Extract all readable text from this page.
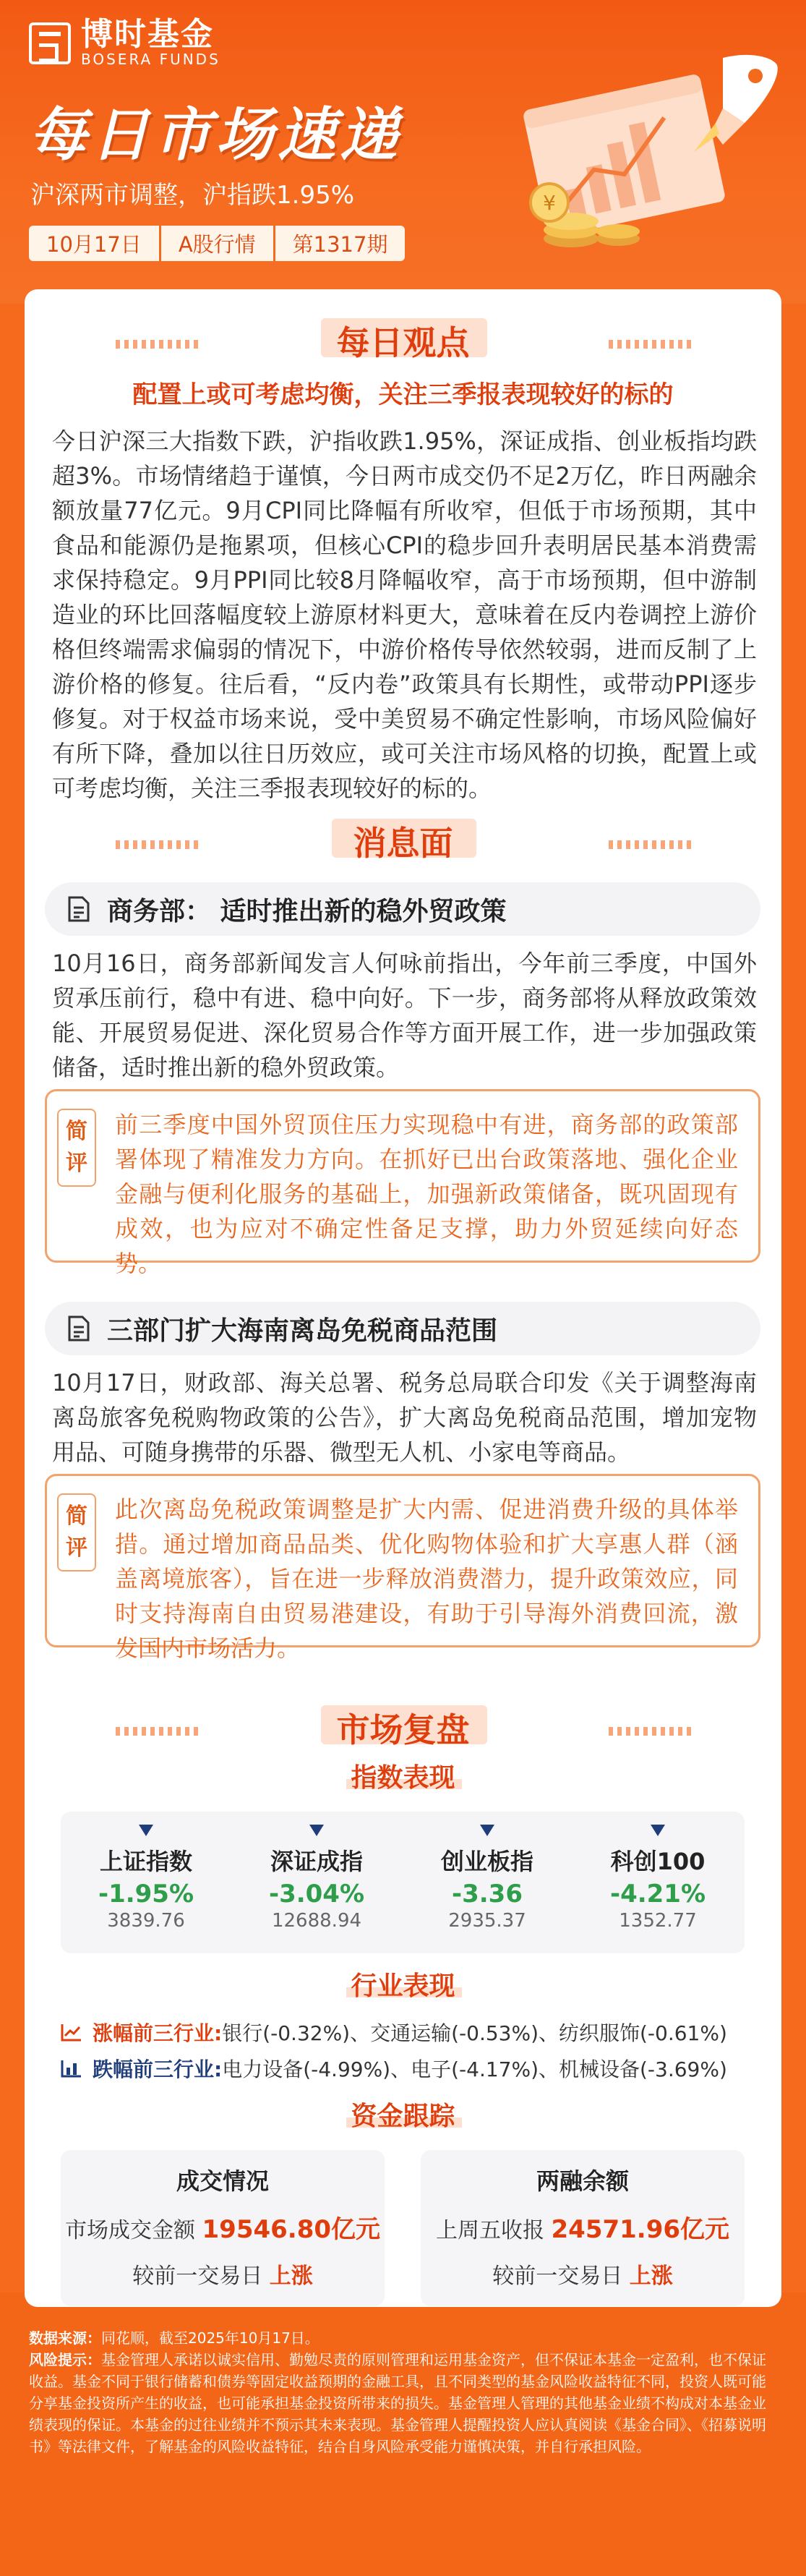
博时基金
BOSERA FUNDS
每日市场速递
沪深两市调整，沪指跌1.95%
10月17日	A股行情	第1317期
¥
每日观点
配置上或可考虑均衡，关注三季报表现较好的标的
今日沪深三大指数下跌，沪指收跌1.95%，深证成指、创业板指均跌超3%。市场情绪趋于谨慎，今日两市成交仍不足2万亿，昨日两融余额放量77亿元。9月CPI同比降幅有所收窄，但低于市场预期，其中食品和能源仍是拖累项，但核心CPI的稳步回升表明居民基本消费需求保持稳定。9月PPI同比较8月降幅收窄，高于市场预期，但中游制造业的环比回落幅度较上游原材料更大，意味着在反内卷调控上游价格但终端需求偏弱的情况下，中游价格传导依然较弱，进而反制了上游价格的修复。往后看，“反内卷”政策具有长期性，或带动PPI逐步修复。对于权益市场来说，受中美贸易不确定性影响，市场风险偏好有所下降，叠加以往日历效应，或可关注市场风格的切换，配置上或可考虑均衡，关注三季报表现较好的标的。
消息面
商务部： 适时推出新的稳外贸政策
10月16日，商务部新闻发言人何咏前指出，今年前三季度，中国外贸承压前行，稳中有进、稳中向好。下一步，商务部将从释放政策效能、开展贸易促进、深化贸易合作等方面开展工作，进一步加强政策储备，适时推出新的稳外贸政策。
简评
前三季度中国外贸顶住压力实现稳中有进，商务部的政策部署体现了精准发力方向。在抓好已出台政策落地、强化企业金融与便利化服务的基础上，加强新政策储备，既巩固现有成效，也为应对不确定性备足支撑，助力外贸延续向好态势。
三部门扩大海南离岛免税商品范围
10月17日，财政部、海关总署、税务总局联合印发《关于调整海南离岛旅客免税购物政策的公告》，扩大离岛免税商品范围，增加宠物用品、可随身携带的乐器、微型无人机、小家电等商品。
简评
此次离岛免税政策调整是扩大内需、促进消费升级的具体举措。通过增加商品品类、优化购物体验和扩大享惠人群（涵盖离境旅客），旨在进一步释放消费潜力，提升政策效应，同时支持海南自由贸易港建设，有助于引导海外消费回流，激发国内市场活力。
市场复盘
指数表现
上证指数
-1.95%
3839.76
深证成指
-3.04%
12688.94
创业板指
-3.36
2935.37
科创100
-4.21%
1352.77
行业表现
涨幅前三行业: 银行(-0.32%)、交通运输(-0.53%)、纺织服饰(-0.61%)
跌幅前三行业: 电力设备(-4.99%)、电子(-4.17%)、机械设备(-3.69%)
资金跟踪
成交情况
市场成交金额 19546.80亿元
较前一交易日 上涨
两融余额
上周五收报 24571.96亿元
较前一交易日 上涨
数据来源：同花顺，截至2025年10月17日。
风险提示：基金管理人承诺以诚实信用、勤勉尽责的原则管理和运用基金资产，但不保证本基金一定盈利，也不保证收益。基金不同于银行储蓄和债券等固定收益预期的金融工具，且不同类型的基金风险收益特征不同，投资人既可能分享基金投资所产生的收益，也可能承担基金投资所带来的损失。基金管理人管理的其他基金业绩不构成对本基金业绩表现的保证。本基金的过往业绩并不预示其未来表现。基金管理人提醒投资人应认真阅读《基金合同》、《招募说明书》等法律文件，了解基金的风险收益特征，结合自身风险承受能力谨慎决策，并自行承担风险。
